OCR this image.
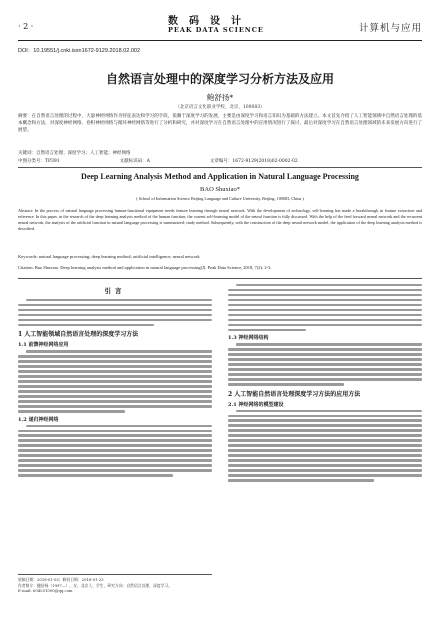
· 2 ·	数码设计
PEAK DATA SCIENCE	计算机与应用
DOI：10.19551/j.cnki.issn1672-9129.2018.02.002
自然语言处理中的深度学习分析方法及应用
鲍舒扬*
（北京语言文化职业学校，北京，100083）
摘要：在自然语言处理的过程中，大量神经网络作为特征表达和学习的手段，依赖于深度学习的发展，主要是由深度学习和语言知识为基础的方法建立。本文首先介绍了人工智能领域中自然语言处理的基本概念和方法，对深度神经网络、卷积神经网络与循环神经网络等进行了分析和研究，并对深度学习在自然语言处理中的应用情况进行了探讨，最后对深度学习在自然语言处理领域的未来发展方向进行了展望。
关键词：自然语言处理；深度学习；人工智能；神经网络
中图分类号：TP391	文献标识码：A	文章编号：1672-9129(2018)02-0002-02
Deep Learning Analysis Method and Application in Natural Language Processing
BAO Shuxiao*
( School of Information Science Beijing Language and Culture University, Beijing, 100083, China )
Abstract: In the process of natural language processing human-functional equipment needs feature learning through neural network. With the development of technology, self-learning has made a breakthrough in feature extraction and reference. In this paper, in the research of the deep learning analysis method of the human function, the current self-learning model of the neural function is fully discussed. With the help of the feed forward neural network and the recurrent neural network, the analysis of the artificial function in natural language processing is summarized; study method. Subsequently, with the construction of the deep neural network model, the application of the deep learning analysis method is described.
Keywords: natural language processing; deep learning method; artificial intelligence; neural network
Citation: Bao Shuxiao. Deep learning analysis method and application in natural language processing[J]. Peak Data Science, 2018, 7(2): 2-3.
引言
1 人工智能领域自然语言处理的深度学习方法
1.1 前馈神经网络应用
1.2 递归神经网络
1.3 神经网络结构
2 人工智能自然语言处理深度学习方法的应用方法
2.1 神经网络的模型建设
收稿日期：2018-01-05；修回日期：2018-01-23
作者简介：鲍舒扬（1997—），女，北京人，学生，研究方向：自然语言处理、深度学习。
E-mail: 604551000@qq.com
